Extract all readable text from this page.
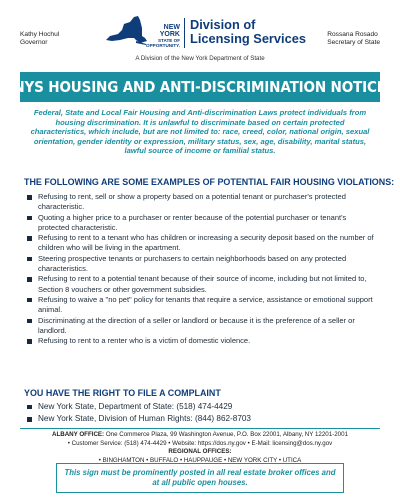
Kathy Hochul
Governor
NEW YORK
STATE OF
OPPORTUNITY.
Division of
Licensing Services	Rossana Rosado
Secretary of State
A Division of the New York Department of State
NYS HOUSING AND ANTI-DISCRIMINATION NOTICE

Federal, State and Local Fair Housing and Anti-discrimination Laws protect individuals from housing discrimination. It is unlawful to discriminate based on certain protected characteristics, which include, but are not limited to: race, creed, color, national origin, sexual orientation, gender identity or expression, military status, sex, age, disability, marital status, lawful source of income or familial status.

THE FOLLOWING ARE SOME EXAMPLES OF POTENTIAL FAIR HOUSING VIOLATIONS:
Refusing to rent, sell or show a property based on a potential tenant or purchaser's protected characteristic.
Quoting a higher price to a purchaser or renter because of the potential purchaser or tenant's protected characteristic.
Refusing to rent to a tenant who has children or increasing a security deposit based on the number of children who will be living in the apartment.
Steering prospective tenants or purchasers to certain neighborhoods based on any protected characteristics.
Refusing to rent to a potential tenant because of their source of income, including but not limited to, Section 8 vouchers or other government subsidies.
Refusing to waive a "no pet" policy for tenants that require a service, assistance or emotional support animal.
Discriminating at the direction of a seller or landlord or because it is the preference of a seller or landlord.
Refusing to rent to a renter who is a victim of domestic violence.
YOU HAVE THE RIGHT TO FILE A COMPLAINT
New York State, Department of State: (518) 474-4429
New York State, Division of Human Rights: (844) 862-8703
ALBANY OFFICE: One Commerce Plaza, 99 Washington Avenue, P.O. Box 22001, Albany, NY 12201-2001
• Customer Service: (518) 474-4429 • Website: https://dos.ny.gov • E-Mail: licensing@dos.ny.gov
REGIONAL OFFICES:
• BINGHAMTON • BUFFALO • HAUPPAUGE • NEW YORK CITY • UTICA
This sign must be prominently posted in all real estate broker offices and at all public open houses.
